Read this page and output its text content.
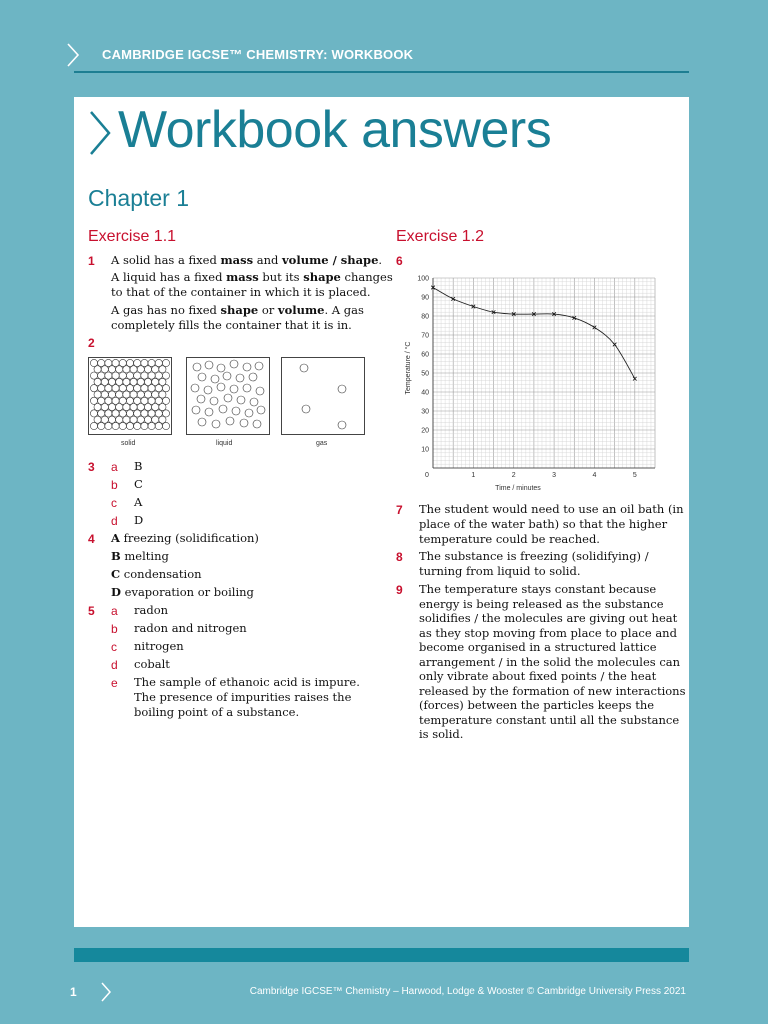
CAMBRIDGE IGCSE™ CHEMISTRY: WORKBOOK
Workbook answers
Chapter 1
Exercise 1.1
1 A solid has a fixed mass and volume / shape.
A liquid has a fixed mass but its shape changes
to that of the container in which it is placed.
A gas has no fixed shape or volume. A gas
completely fills the container that it is in.
2
solid	liquid	gas
3 a B
b C
c A
d D
4 A freezing (solidification)
B melting
C condensation
D evaporation or boiling
5 a radon
b radon and nitrogen
c nitrogen
d cobalt
e The sample of ethanoic acid is impure.
The presence of impurities raises the
boiling point of a substance.
Exercise 1.2
6
10
20
30
40
50
60
70
80
90
100
0	1	2	3	4	5
Time / minutes
Temperature / °C
7 The student would need to use an oil bath (in
place of the water bath) so that the higher
temperature could be reached.
8 The substance is freezing (solidifying) /
turning from liquid to solid.
9 The temperature stays constant because
energy is being released as the substance
solidifies / the molecules are giving out heat
as they stop moving from place to place and
become organised in a structured lattice
arrangement / in the solid the molecules can
only vibrate about fixed points / the heat
released by the formation of new interactions
(forces) between the particles keeps the
temperature constant until all the substance
is solid.
1	Cambridge IGCSE™ Chemistry – Harwood, Lodge & Wooster © Cambridge University Press 2021
